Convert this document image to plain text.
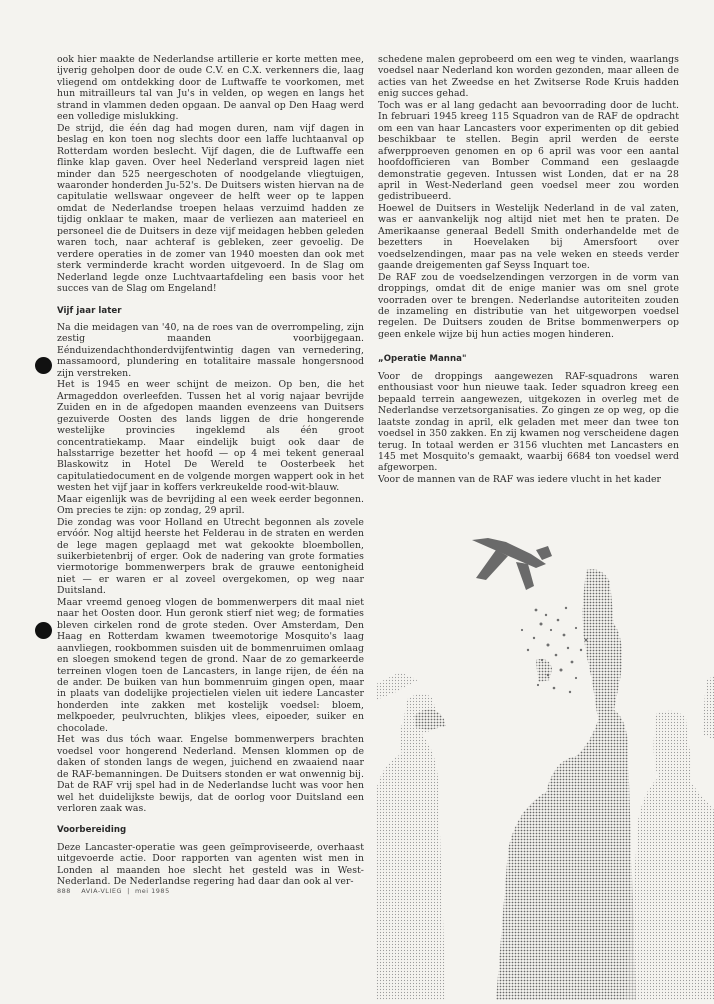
ook hier maakte de Nederlandse artillerie er korte metten mee, ijverig geholpen door de oude C.V. en C.X. verkenners die, laag vliegend om ontdekking door de Luftwaffe te voorkomen, met hun mitrailleurs tal van Ju's in velden, op wegen en langs het strand in vlammen deden opgaan. De aanval op Den Haag werd een volledige mislukking.

De strijd, die één dag had mogen duren, nam vijf dagen in beslag en kon toen nog slechts door een laffe luchtaanval op Rotterdam worden beslecht. Vijf dagen, die de Luftwaffe een flinke klap gaven. Over heel Nederland verspreid lagen niet minder dan 525 neergeschoten of noodgelande vliegtuigen, waaronder honderden Ju-52's. De Duitsers wisten hiervan na de capitulatie wellswaar ongeveer de helft weer op te lappen omdat de Nederlandse troepen helaas verzuimd hadden ze tijdig onklaar te maken, maar de verliezen aan materieel en personeel die de Duitsers in deze vijf meidagen hebben geleden waren toch, naar achteraf is gebleken, zeer gevoelig. De verdere operaties in de zomer van 1940 moesten dan ook met sterk verminderde kracht worden uitgevoerd. In de Slag om Nederland legde onze Luchtvaartafdeling een basis voor het succes van de Slag om Engeland!

Vijf jaar later

Na die meidagen van '40, na de roes van de overrompeling, zijn zestig maanden voorbijgegaan. Eénduizendachthonderdvijfentwintig dagen van vernedering, massamoord, plundering en totalitaire massale hongersnood zijn verstreken.

Het is 1945 en weer schijnt de meizon. Op ben, die het Armageddon overleefden. Tussen het al vorig najaar bevrijde Zuiden en in de afgedopen maanden evenzeens van Duitsers gezuiverde Oosten des lands liggen de drie hongerende westelijke provincies ingeklemd als één groot concentratiekamp. Maar eindelijk buigt ook daar de halsstarrige bezetter het hoofd — op 4 mei tekent generaal Blaskowitz in Hotel De Wereld te Oosterbeek het capitulatiedocument en de volgende morgen wappert ook in het westen het vijf jaar in koffers verkreukelde rood-wit-blauw.

Maar eigenlijk was de bevrijding al een week eerder begonnen. Om precies te zijn: op zondag, 29 april.

Die zondag was voor Holland en Utrecht begonnen als zovele ervóór. Nog altijd heerste het Felderau in de straten en werden de lege magen geplaagd met wat gekookte bloembollen, suikerbietenbrij of erger. Ook de nadering van grote formaties viermotorige bommenwerpers brak de grauwe eentonigheid niet — er waren er al zoveel overgekomen, op weg naar Duitsland.

Maar vreemd genoeg vlogen de bommenwerpers dit maal niet naar het Oosten door. Hun geronk stierf niet weg; de formaties bleven cirkelen rond de grote steden. Over Amsterdam, Den Haag en Rotterdam kwamen tweemotorige Mosquito's laag aanvliegen, rookbommen suisden uit de bommenruimen omlaag en sloegen smokend tegen de grond. Naar de zo gemarkeerde terreinen vlogen toen de Lancasters, in lange rijen, de één na de ander. De buiken van hun bommenruim gingen open, maar in plaats van dodelijke projectielen vielen uit iedere Lancaster honderden inte zakken met kostelijk voedsel: bloem, melkpoeder, peulvruchten, blikjes vlees, eipoeder, suiker en chocolade.

Het was dus tóch waar. Engelse bommenwerpers brachten voedsel voor hongerend Nederland. Mensen klommen op de daken of stonden langs de wegen, juichend en zwaaiend naar de RAF-bemanningen. De Duitsers stonden er wat onwennig bij. Dat de RAF vrij spel had in de Nederlandse lucht was voor hen wel het duidelijkste bewijs, dat de oorlog voor Duitsland een verloren zaak was.

Voorbereiding

Deze Lancaster-operatie was geen geïmproviseerde, overhaast uitgevoerde actie. Door rapporten van agenten wist men in Londen al maanden hoe slecht het gesteld was in West-Nederland. De Nederlandse regering had daar dan ook al ver-

schedene malen geprobeerd om een weg te vinden, waarlangs voedsel naar Nederland kon worden gezonden, maar alleen de acties van het Zweedse en het Zwitserse Rode Kruis hadden enig succes gehad.

Toch was er al lang gedacht aan bevoorrading door de lucht. In februari 1945 kreeg 115 Squadron van de RAF de opdracht om een van haar Lancasters voor experimenten op dit gebied beschikbaar te stellen. Begin april werden de eerste afwerpproeven genomen en op 6 april was voor een aantal hoofdofficieren van Bomber Command een geslaagde demonstratie gegeven. Intussen wist Londen, dat er na 28 april in West-Nederland geen voedsel meer zou worden gedistribueerd.

Hoewel de Duitsers in Westelijk Nederland in de val zaten, was er aanvankelijk nog altijd niet met hen te praten. De Amerikaanse generaal Bedell Smith onderhandelde met de bezetters in Hoevelaken bij Amersfoort over voedselzendingen, maar pas na vele weken en steeds verder gaande dreigementen gaf Seyss Inquart toe.

De RAF zou de voedselzendingen verzorgen in de vorm van droppings, omdat dit de enige manier was om snel grote voorraden over te brengen. Nederlandse autoriteiten zouden de inzameling en distributie van het uitgeworpen voedsel regelen. De Duitsers zouden de Britse bommenwerpers op geen enkele wijze bij hun acties mogen hinderen.

„Operatie Manna"

Voor de droppings aangewezen RAF-squadrons waren enthousiast voor hun nieuwe taak. Ieder squadron kreeg een bepaald terrein aangewezen, uitgekozen in overleg met de Nederlandse verzetsorganisaties. Zo gingen ze op weg, op die laatste zondag in april, elk geladen met meer dan twee ton voedsel in 350 zakken. En zij kwamen nog verscheidene dagen terug. In totaal werden er 3156 vluchten met Lancasters en 145 met Mosquito's gemaakt, waarbij 6684 ton voedsel werd afgeworpen.

Voor de mannen van de RAF was iedere vlucht in het kader

888 AVIA-VLIEG  |  mei 1985
